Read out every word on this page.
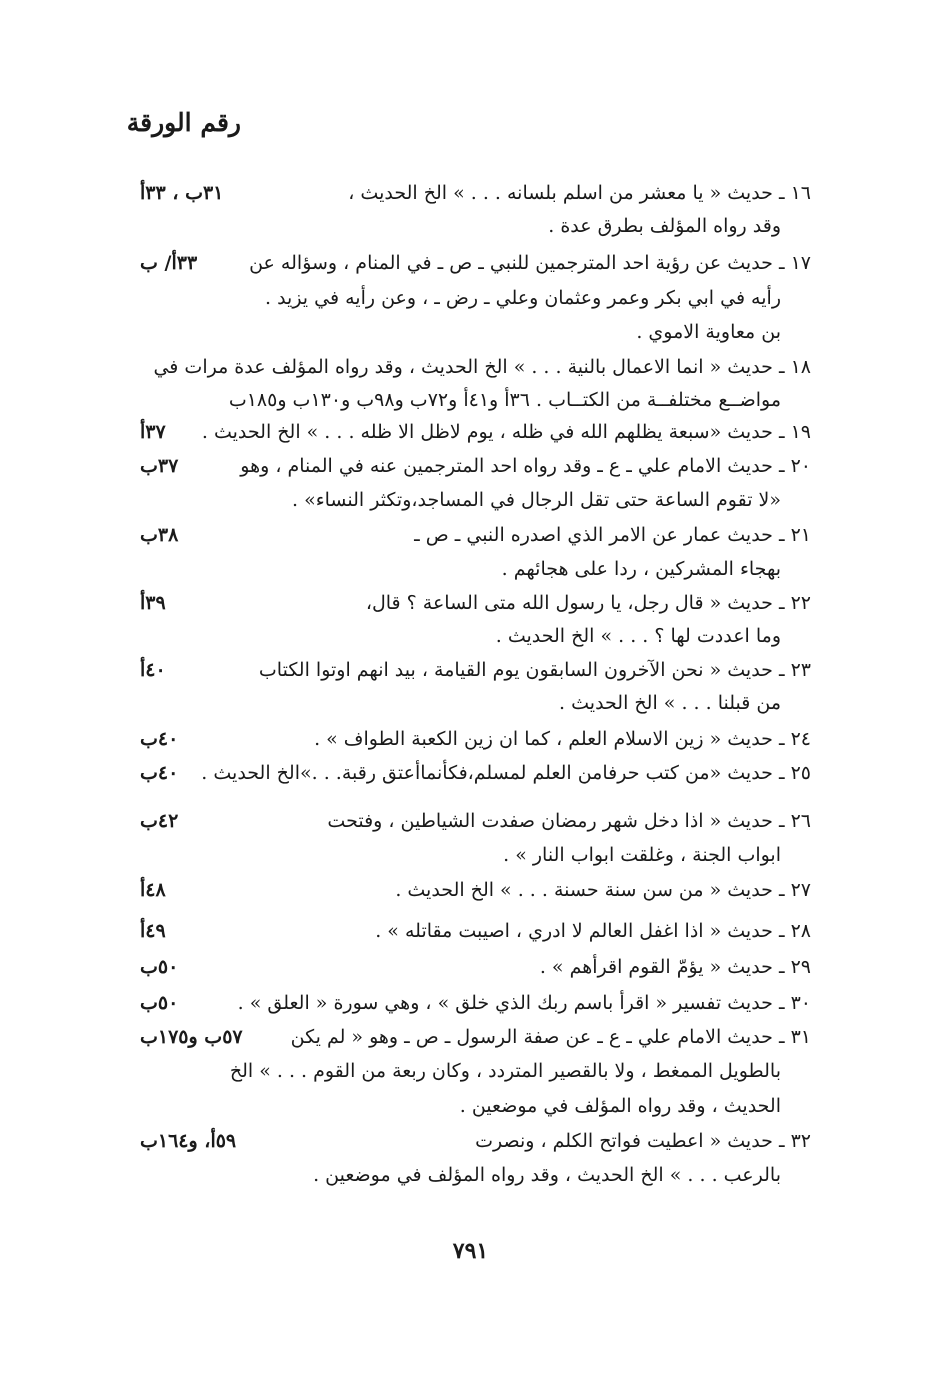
رقم الورقة
١٦ ـ حديث « يا معشر من اسلم بلسانه . . . » الخ الحديث ،
وقد رواه المؤلف بطرق عدة .
٣١ب ، ٣٣أ
١٧ ـ حديث عن رؤية احد المترجمين للنبي ـ ص ـ في المنام ، وسؤاله عن
رأيه في ابي بكر وعمر وعثمان وعلي ـ رض ـ ، وعن رأيه في يزيد .
بن معاوية الاموي .
٣٣أ/ ب
١٨ ـ حديث « انما الاعمال بالنية . . . » الخ الحديث ، وقد رواه المؤلف عدة مرات في
مواضــع مختلفــة من الكتــاب . ٣٦أ و٤١أ و٧٢ب و٩٨ب و١٣٠ب و١٨٥ب
١٩ ـ حديث «سبعة يظلهم الله في ظله ، يوم لاظل الا ظله . . . » الخ الحديث .
٣٧أ
٢٠ ـ حديث الامام علي ـ ع ـ وقد رواه احد المترجمين عنه في المنام ، وهو
«لا تقوم الساعة حتى تقل الرجال في المساجد،وتكثر النساء» .
٣٧ب
٢١ ـ حديث عمار عن الامر الذي اصدره النبي ـ ص ـ
بهجاء المشركين ، ردا على هجائهم .
٣٨ب
٢٢ ـ حديث « قال رجل، يا رسول الله متى الساعة ؟ قال،
وما اعددت لها ؟ . . . » الخ الحديث .
٣٩أ
٢٣ ـ حديث « نحن الآخرون السابقون يوم القيامة ، بيد انهم اوتوا الكتاب
من قبلنا . . . » الخ الحديث .
٤٠أ
٢٤ ـ حديث « زين الاسلام العلم ، كما ان زين الكعبة الطواف » .
٤٠ب
٢٥ ـ حديث «من كتب حرفامن العلم لمسلم،فكأنماأعتق رقبة. . .»الخ الحديث .
٤٠ب
٢٦ ـ حديث « اذا دخل شهر رمضان صفدت الشياطين ، وفتحت
ابواب الجنة ، وغلقت ابواب النار » .
٤٢ب
٢٧ ـ حديث « من سن سنة حسنة . . . » الخ الحديث .
٤٨أ
٢٨ ـ حديث « اذا اغفل العالم لا ادري ، اصيبت مقاتله » .
٤٩أ
٢٩ ـ حديث « يؤمّ القوم اقرأهم » .
٥٠ب
٣٠ ـ حديث تفسير « اقرأ باسم ربك الذي خلق » ، وهي سورة « العلق » .
٥٠ب
٣١ ـ حديث الامام علي ـ ع ـ عن صفة الرسول ـ ص ـ وهو « لم يكن
بالطويل الممغط ، ولا بالقصير المتردد ، وكان ربعة من القوم . . . » الخ
الحديث ، وقد رواه المؤلف في موضعين .
٥٧ب و١٧٥ب
٣٢ ـ حديث « اعطيت فواتح الكلم ، ونصرت
بالرعب . . . » الخ الحديث ، وقد رواه المؤلف في موضعين .
٥٩أ، و١٦٤ب
٧٩١
